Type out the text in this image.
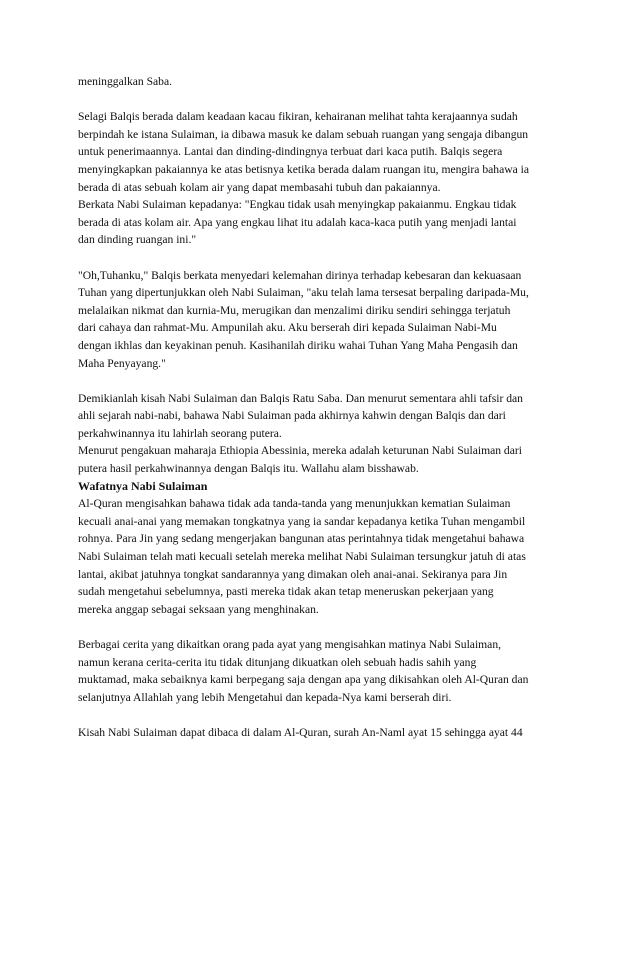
meninggalkan Saba.
Selagi Balqis berada dalam keadaan kacau fikiran, kehairanan melihat tahta kerajaannya sudah
berpindah ke istana Sulaiman, ia dibawa masuk ke dalam sebuah ruangan yang sengaja dibangun
untuk penerimaannya. Lantai dan dinding-dindingnya terbuat dari kaca putih. Balqis segera
menyingkapkan pakaiannya ke atas betisnya ketika berada dalam ruangan itu, mengira bahawa ia
berada di atas sebuah kolam air yang dapat membasahi tubuh dan pakaiannya.
Berkata Nabi Sulaiman kepadanya: "Engkau tidak usah menyingkap pakaianmu. Engkau tidak
berada di atas kolam air. Apa yang engkau lihat itu adalah kaca-kaca putih yang menjadi lantai
dan dinding ruangan ini."
"Oh,Tuhanku," Balqis berkata menyedari kelemahan dirinya terhadap kebesaran dan kekuasaan
Tuhan yang dipertunjukkan oleh Nabi Sulaiman, "aku telah lama tersesat berpaling daripada-Mu,
melalaikan nikmat dan kurnia-Mu, merugikan dan menzalimi diriku sendiri sehingga terjatuh
dari cahaya dan rahmat-Mu. Ampunilah aku. Aku berserah diri kepada Sulaiman Nabi-Mu
dengan ikhlas dan keyakinan penuh. Kasihanilah diriku wahai Tuhan Yang Maha Pengasih dan
Maha Penyayang."
Demikianlah kisah Nabi Sulaiman dan Balqis Ratu Saba. Dan menurut sementara ahli tafsir dan
ahli sejarah nabi-nabi, bahawa Nabi Sulaiman pada akhirnya kahwin dengan Balqis dan dari
perkahwinannya itu lahirlah seorang putera.
Menurut pengakuan maharaja Ethiopia Abessinia, mereka adalah keturunan Nabi Sulaiman dari
putera hasil perkahwinannya dengan Balqis itu. Wallahu alam bisshawab.
Wafatnya Nabi Sulaiman
Al-Quran mengisahkan bahawa tidak ada tanda-tanda yang menunjukkan kematian Sulaiman
kecuali anai-anai yang memakan tongkatnya yang ia sandar kepadanya ketika Tuhan mengambil
rohnya. Para Jin yang sedang mengerjakan bangunan atas perintahnya tidak mengetahui bahawa
Nabi Sulaiman telah mati kecuali setelah mereka melihat Nabi Sulaiman tersungkur jatuh di atas
lantai, akibat jatuhnya tongkat sandarannya yang dimakan oleh anai-anai. Sekiranya para Jin
sudah mengetahui sebelumnya, pasti mereka tidak akan tetap meneruskan pekerjaan yang
mereka anggap sebagai seksaan yang menghinakan.
Berbagai cerita yang dikaitkan orang pada ayat yang mengisahkan matinya Nabi Sulaiman,
namun kerana cerita-cerita itu tidak ditunjang dikuatkan oleh sebuah hadis sahih yang
muktamad, maka sebaiknya kami berpegang saja dengan apa yang dikisahkan oleh Al-Quran dan
selanjutnya Allahlah yang lebih Mengetahui dan kepada-Nya kami berserah diri.
Kisah Nabi Sulaiman dapat dibaca di dalam Al-Quran, surah An-Naml ayat 15 sehingga ayat 44
